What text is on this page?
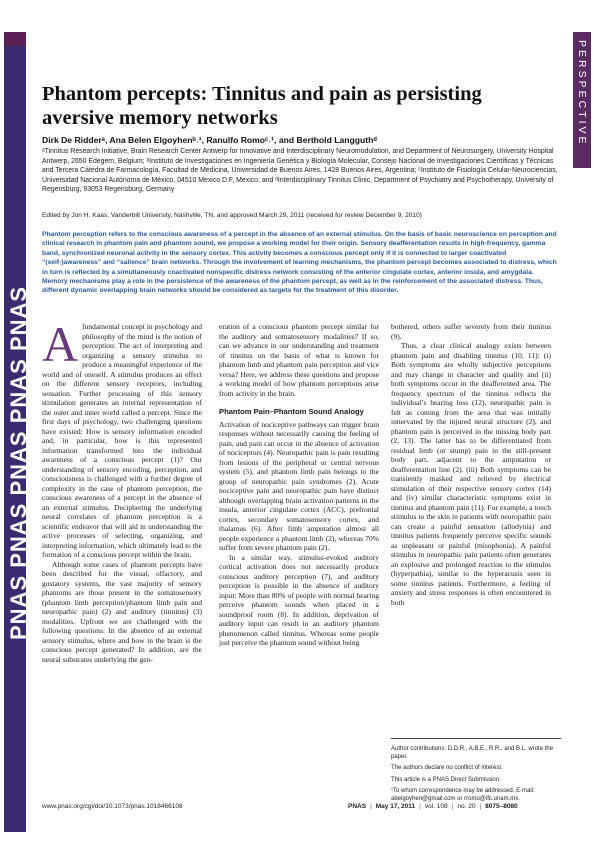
PNAS PNAS PNAS PNAS PNAS
PERSPECTIVE
Phantom percepts: Tinnitus and pain as persisting aversive memory networks
Dirk De Ridderᵃ, Ana Belen Elgoyhenᵇ˒¹, Ranulfo Romoᶜ˒¹, and Berthold Langguthᵈ
ᵃTinnitus Research Initiative, Brain Research Center Antwerp for Innovative and Interdisciplinary Neuromodulation, and Department of Neurosurgery, University Hospital Antwerp, 2650 Edegem, Belgium; ᵇInstituto de Investigaciones en Ingeniería Genética y Biología Molecular, Consejo Nacional de Investigaciones Científicas y Técnicas and Tercera Cátedra de Farmacología, Facultad de Medicina, Universidad de Buenos Aires, 1428 Buenos Aires, Argentina; ᶜInstituto de Fisiología Celular-Neurociencias, Universidad Nacional Autónoma de México, 04510 Mexico D.F, Mexico; and ᵈInterdisciplinary Tinnitus Clinic, Department of Psychiatry and Psychotherapy, University of Regensburg, 93053 Regensburg, Germany
Edited by Jon H. Kaas, Vanderbilt University, Nashville, TN, and approved March 29, 2011 (received for review December 9, 2010)

Phantom perception refers to the conscious awareness of a percept in the absence of an external stimulus. On the basis of basic neuroscience on perception and clinical research in phantom pain and phantom sound, we propose a working model for their origin. Sensory deafferentation results in high-frequency, gamma band, synchronized neuronal activity in the sensory cortex. This activity becomes a conscious percept only if it is connected to larger coactivated “(self-)awareness” and “salience” brain networks. Through the involvement of learning mechanisms, the phantom percept becomes associated to distress, which in turn is reflected by a simultaneously coactivated nonspecific distress network consisting of the anterior cingulate cortex, anterior insula, and amygdala. Memory mechanisms play a role in the persistence of the awareness of the phantom percept, as well as in the reinforcement of the associated distress. Thus, different dynamic overlapping brain networks should be considered as targets for the treatment of this disorder.

Afundamental concept in psychology and philosophy of the mind is the notion of perception: The act of interpreting and organizing a sensory stimulus to produce a meaningful experience of the world and of oneself. A stimulus produces an effect on the different sensory receptors, including sensation. Further processing of this sensory stimulation generates an internal representation of the outer and inner world called a percept. Since the first days of psychology, two challenging questions have existed: How is sensory information encoded and, in particular, how is this represented information transformed into the individual awareness of a conscious percept (1)? Our understanding of sensory encoding, perception, and consciousness is challenged with a further degree of complexity in the case of phantom perception, the conscious awareness of a percept in the absence of an external stimulus. Deciphering the underlying neural correlates of phantom perception is a scientific endeavor that will aid in understanding the active processes of selecting, organizing, and interpreting information, which ultimately lead to the formation of a conscious percept within the brain.

Although some cases of phantom percepts have been described for the visual, olfactory, and gustatory systems, the vast majority of sensory phantoms are those present in the somatosensory (phantom limb perception/phantom limb pain and neuropathic pain) (2) and auditory (tinnitus) (3) modalities. Upfront we are challenged with the following questions: In the absence of an external sensory stimulus, where and how in the brain is the conscious percept generated? In addition, are the neural substrates underlying the gen-

eration of a conscious phantom percept similar for the auditory and somatosensory modalities? If so, can we advance in our understanding and treatment of tinnitus on the basis of what is known for phantom limb and phantom pain perception and vice versa? Here, we address these questions and propose a working model of how phantom perceptions arise from activity in the brain.

Phantom Pain–Phantom Sound Analogy

Activation of nociceptive pathways can trigger brain responses without necessarily causing the feeling of pain, and pain can occur in the absence of activation of nociceptors (4). Neuropathic pain is pain resulting from lesions of the peripheral or central nervous system (5), and phantom limb pain belongs to the group of neuropathic pain syndromes (2). Acute nociceptive pain and neuropathic pain have distinct although overlapping brain activation patterns in the insula, anterior cingulate cortex (ACC), prefrontal cortex, secondary somatosensory cortex, and thalamus (6). After limb amputation almost all people experience a phantom limb (2), whereas 70% suffer from severe phantom pain (2).

In a similar way, stimulus-evoked auditory cortical activation does not necessarily produce conscious auditory perception (7), and auditory perception is possible in the absence of auditory input: More than 80% of people with normal hearing perceive phantom sounds when placed in a soundproof room (8). In addition, deprivation of auditory input can result in an auditory phantom phenomenon called tinnitus. Whereas some people just perceive the phantom sound without being

bothered, others suffer severely from their tinnitus (9).

Thus, a clear clinical analogy exists between phantom pain and disabling tinnitus (10, 11): (i) Both symptoms are wholly subjective perceptions and may change in character and quality and (ii) both symptoms occur in the deafferented area. The frequency spectrum of the tinnitus reflects the individual’s hearing loss (12), neuropathic pain is felt as coming from the area that was initially innervated by the injured neural structure (2), and phantom pain is perceived in the missing body part (2, 13). The latter has to be differentiated from residual limb (or stump) pain in the still-present body part, adjacent to the amputation or deafferentation line (2). (iii) Both symptoms can be transiently masked and relieved by electrical stimulation of their respective sensory cortex (14) and (iv) similar characteristic symptoms exist in tinnitus and phantom pain (11). For example, a touch stimulus to the skin in patients with neuropathic pain can create a painful sensation (allodynia) and tinnitus patients frequently perceive specific sounds as unpleasant or painful (misophonia). A painful stimulus in neuropathic pain patients often generates an explosive and prolonged reaction to the stimulus (hyperpathia), similar to the hyperacusis seen in some tinnitus patients. Furthermore, a feeling of anxiety and stress responses is often encountered in both

Author contributions: D.D.R., A.B.E., R.R., and B.L. wrote the paper.

The authors declare no conflict of interest.

This article is a PNAS Direct Submission.

¹To whom correspondence may be addressed. E-mail: abelgoyhen@gmail.com or rromo@ifc.unam.mx.

www.pnas.org/cgi/doi/10.1073/pnas.1018466108	PNAS | May 17, 2011 | vol. 108 | no. 20 | 8075–8080
